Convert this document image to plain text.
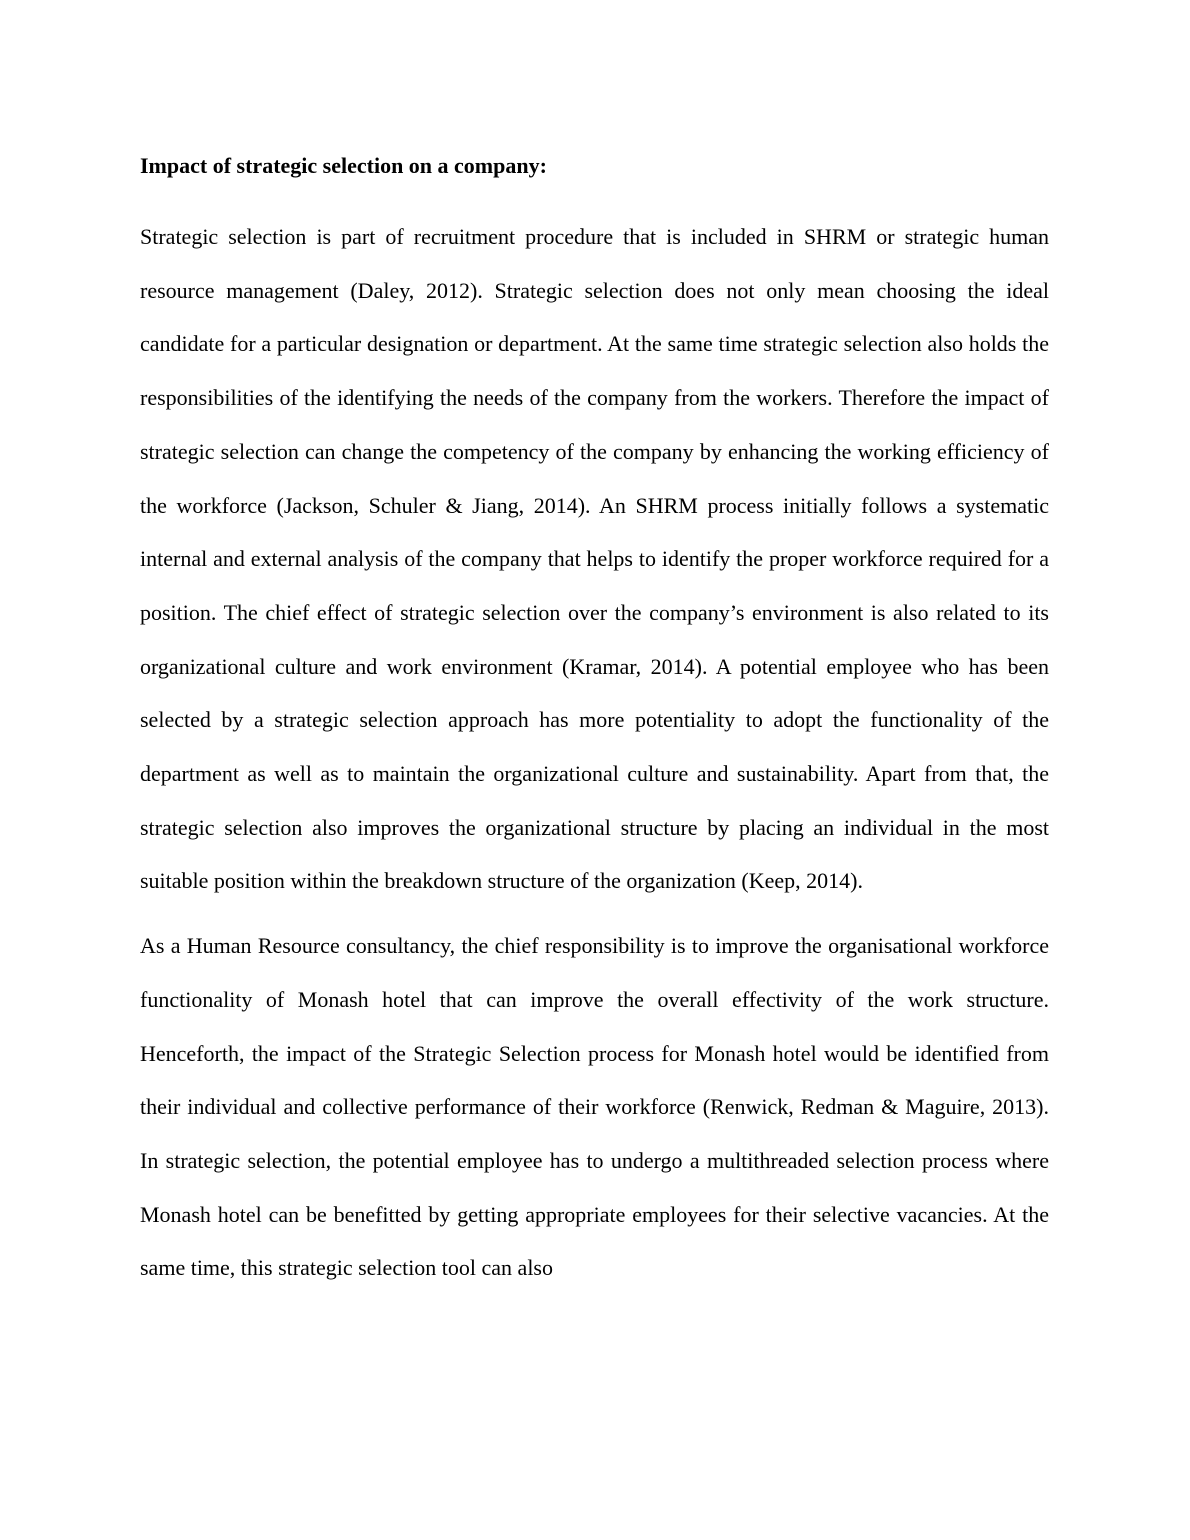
Impact of strategic selection on a company:

Strategic selection is part of recruitment procedure that is included in SHRM or strategic human resource management (Daley, 2012). Strategic selection does not only mean choosing the ideal candidate for a particular designation or department. At the same time strategic selection also holds the responsibilities of the identifying the needs of the company from the workers. Therefore the impact of strategic selection can change the competency of the company by enhancing the working efficiency of the workforce (Jackson, Schuler & Jiang, 2014). An SHRM process initially follows a systematic internal and external analysis of the company that helps to identify the proper workforce required for a position. The chief effect of strategic selection over the company’s environment is also related to its organizational culture and work environment (Kramar, 2014). A potential employee who has been selected by a strategic selection approach has more potentiality to adopt the functionality of the department as well as to maintain the organizational culture and sustainability. Apart from that, the strategic selection also improves the organizational structure by placing an individual in the most suitable position within the breakdown structure of the organization (Keep, 2014).

As a Human Resource consultancy, the chief responsibility is to improve the organisational workforce functionality of Monash hotel that can improve the overall effectivity of the work structure. Henceforth, the impact of the Strategic Selection process for Monash hotel would be identified from their individual and collective performance of their workforce (Renwick, Redman & Maguire, 2013). In strategic selection, the potential employee has to undergo a multithreaded selection process where Monash hotel can be benefitted by getting appropriate employees for their selective vacancies. At the same time, this strategic selection tool can also
